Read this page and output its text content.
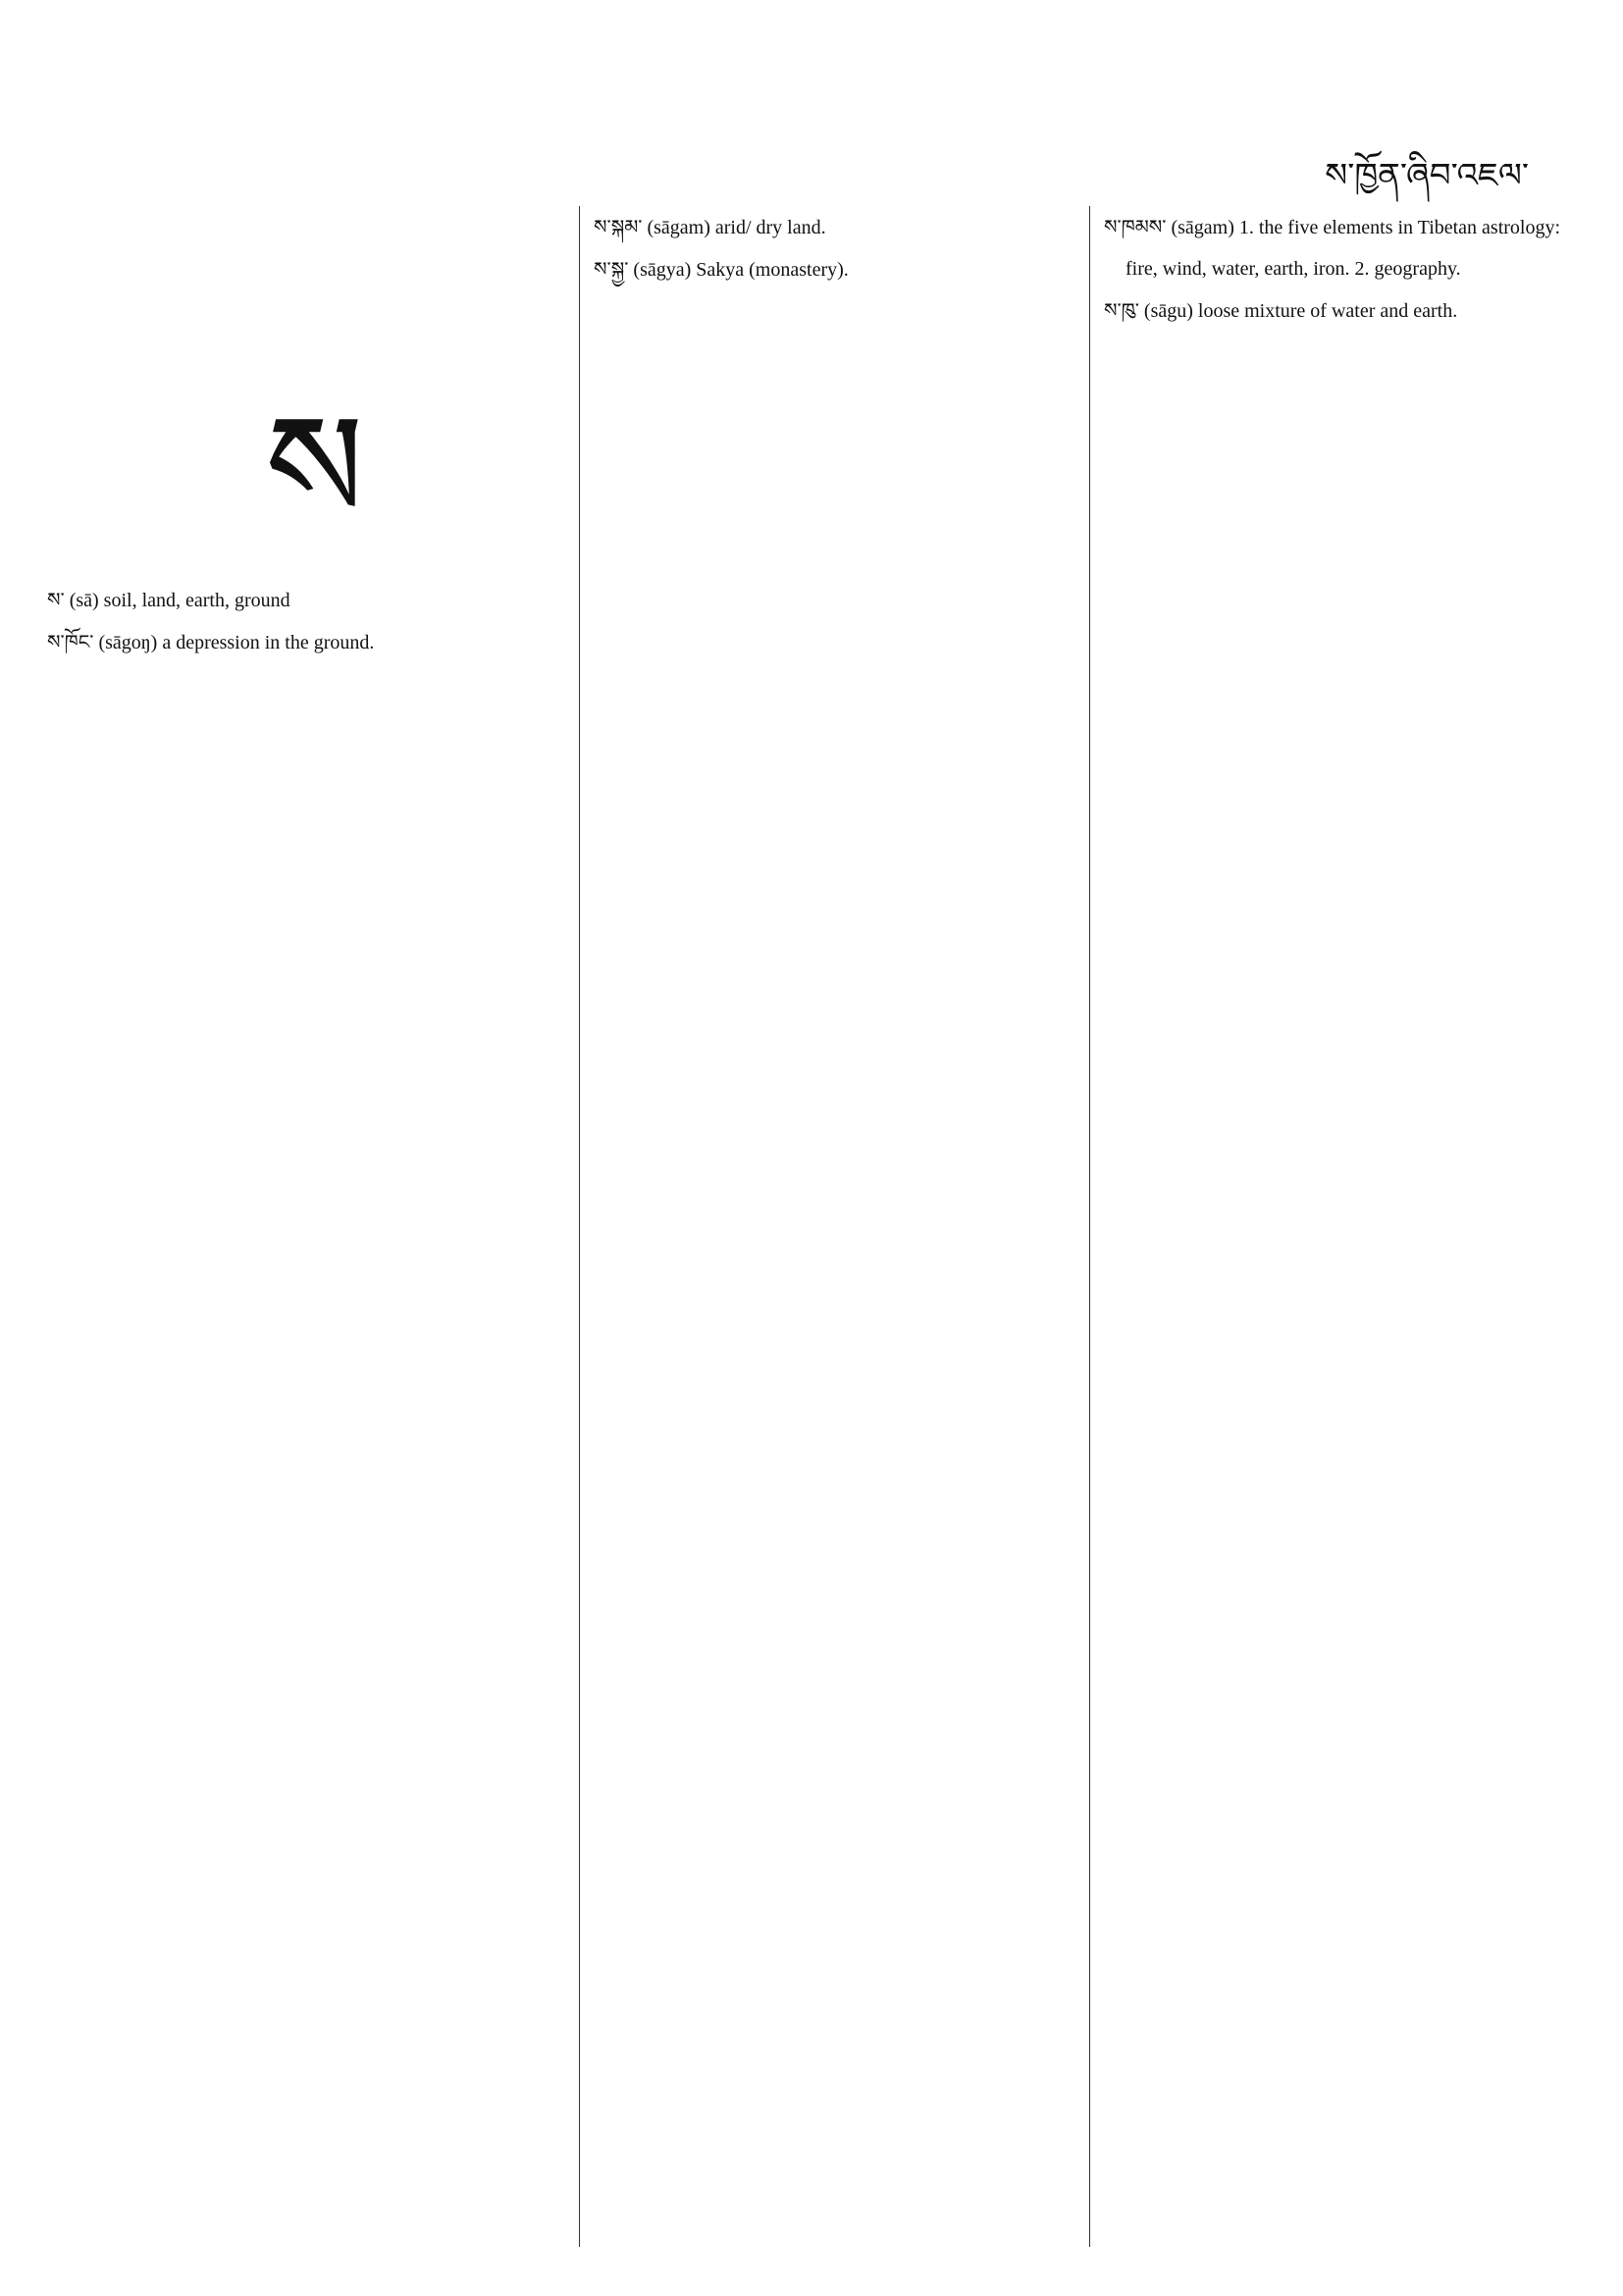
ས་ཁྱོན་ཞིབ་འཇལ་
ས

ས་ (sā) soil, land, earth, ground

ས་ཁོང་ (sāgoŋ) a depression in the ground.

ས་སྐམ་ (sāgam) arid/ dry land.

ས་སྐྱ་ (sāgya) Sakya (monastery).

ས་ཁམས་ (sāgam) 1. the five elements in Tibetan astrology: fire, wind, water, earth, iron. 2. geography.

ས་ཁུ་ (sāgu) loose mixture of water and earth.
